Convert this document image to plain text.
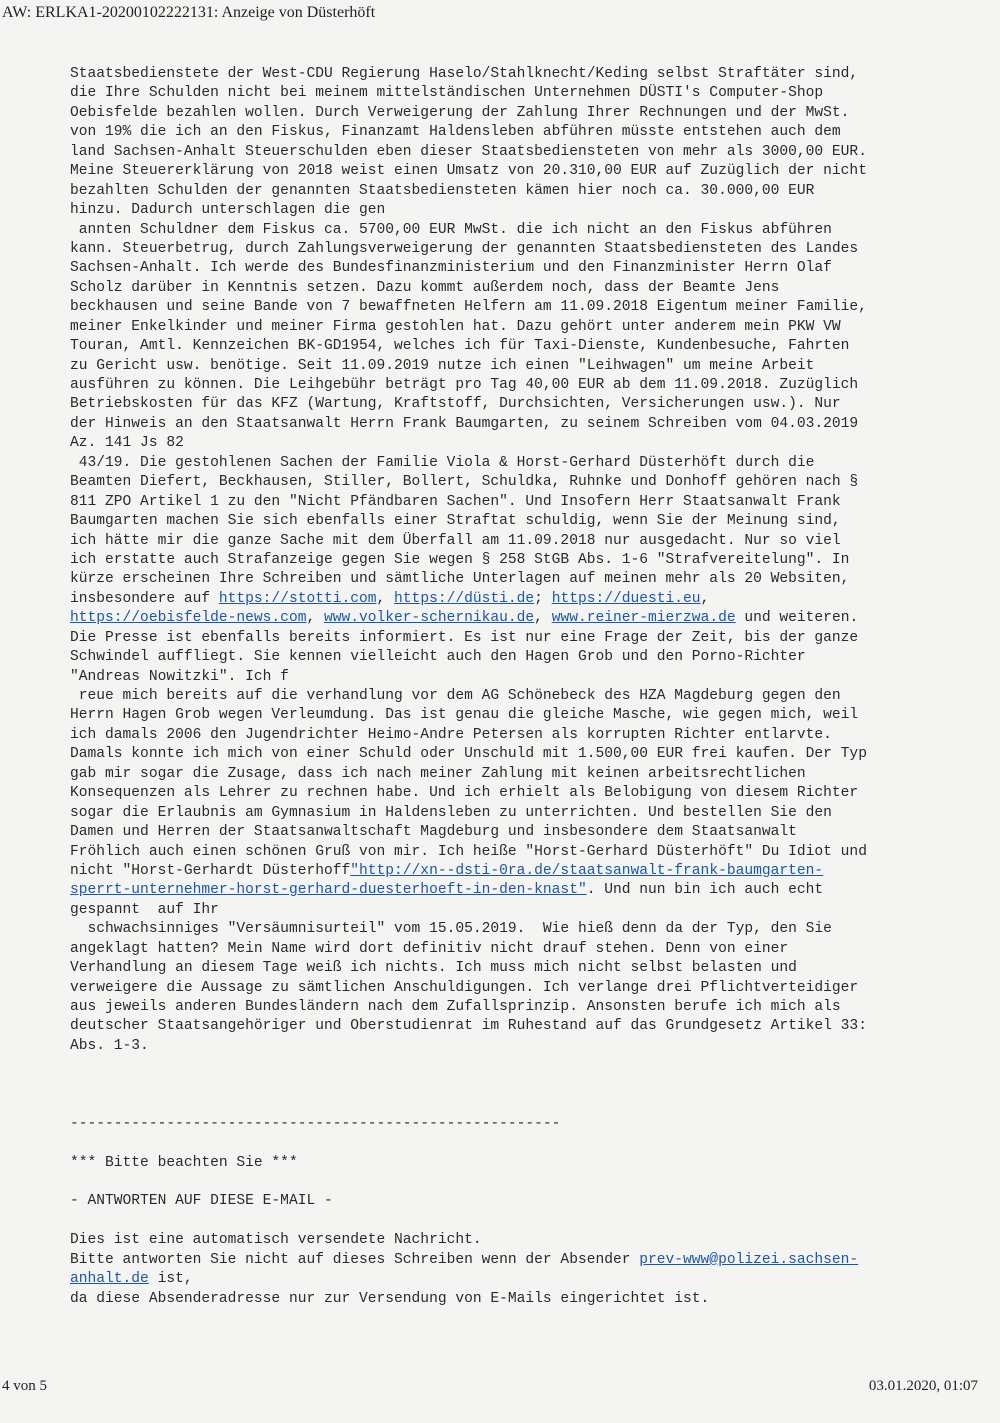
AW: ERLKA1-20200102222131: Anzeige von Düsterhöft
Staatsbedienstete der West-CDU Regierung Haselo/Stahlknecht/Keding selbst Straftäter sind,
die Ihre Schulden nicht bei meinem mittelständischen Unternehmen DÜSTI's Computer-Shop
Oebisfelde bezahlen wollen. Durch Verweigerung der Zahlung Ihrer Rechnungen und der MwSt.
von 19% die ich an den Fiskus, Finanzamt Haldensleben abführen müsste entstehen auch dem
land Sachsen-Anhalt Steuerschulden eben dieser Staatsbediensteten von mehr als 3000,00 EUR.
Meine Steuererklärung von 2018 weist einen Umsatz von 20.310,00 EUR auf Zuzüglich der nicht
bezahlten Schulden der genannten Staatsbediensteten kämen hier noch ca. 30.000,00 EUR
hinzu. Dadurch unterschlagen die gen
annten Schuldner dem Fiskus ca. 5700,00 EUR MwSt. die ich nicht an den Fiskus abführen
kann. Steuerbetrug, durch Zahlungsverweigerung der genannten Staatsbediensteten des Landes
Sachsen-Anhalt. Ich werde des Bundesfinanzministerium und den Finanzminister Herrn Olaf
Scholz darüber in Kenntnis setzen. Dazu kommt außerdem noch, dass der Beamte Jens
beckhausen und seine Bande von 7 bewaffneten Helfern am 11.09.2018 Eigentum meiner Familie,
meiner Enkelkinder und meiner Firma gestohlen hat. Dazu gehört unter anderem mein PKW VW
Touran, Amtl. Kennzeichen BK-GD1954, welches ich für Taxi-Dienste, Kundenbesuche, Fahrten
zu Gericht usw. benötige. Seit 11.09.2019 nutze ich einen "Leihwagen" um meine Arbeit
ausführen zu können. Die Leihgebühr beträgt pro Tag 40,00 EUR ab dem 11.09.2018. Zuzüglich
Betriebskosten für das KFZ (Wartung, Kraftstoff, Durchsichten, Versicherungen usw.). Nur
der Hinweis an den Staatsanwalt Herrn Frank Baumgarten, zu seinem Schreiben vom 04.03.2019
Az. 141 Js 82
43/19. Die gestohlenen Sachen der Familie Viola & Horst-Gerhard Düsterhöft durch die
Beamten Diefert, Beckhausen, Stiller, Bollert, Schuldka, Ruhnke und Donhoff gehören nach §
811 ZPO Artikel 1 zu den "Nicht Pfändbaren Sachen". Und Insofern Herr Staatsanwalt Frank
Baumgarten machen Sie sich ebenfalls einer Straftat schuldig, wenn Sie der Meinung sind,
ich hätte mir die ganze Sache mit dem Überfall am 11.09.2018 nur ausgedacht. Nur so viel
ich erstatte auch Strafanzeige gegen Sie wegen § 258 StGB Abs. 1-6 "Strafvereitelung". In
kürze erscheinen Ihre Schreiben und sämtliche Unterlagen auf meinen mehr als 20 Websiten,
insbesondere auf https://stotti.com, https://düsti.de; https://duesti.eu,
https://oebisfelde-news.com, www.volker-schernikau.de, www.reiner-mierzwa.de und weiteren.
Die Presse ist ebenfalls bereits informiert. Es ist nur eine Frage der Zeit, bis der ganze
Schwindel auffliegt. Sie kennen vielleicht auch den Hagen Grob und den Porno-Richter
"Andreas Nowitzki". Ich f
reue mich bereits auf die verhandlung vor dem AG Schönebeck des HZA Magdeburg gegen den
Herrn Hagen Grob wegen Verleumdung. Das ist genau die gleiche Masche, wie gegen mich, weil
ich damals 2006 den Jugendrichter Heimo-Andre Petersen als korrupten Richter entlarvte.
Damals konnte ich mich von einer Schuld oder Unschuld mit 1.500,00 EUR frei kaufen. Der Typ
gab mir sogar die Zusage, dass ich nach meiner Zahlung mit keinen arbeitsrechtlichen
Konsequenzen als Lehrer zu rechnen habe. Und ich erhielt als Belobigung von diesem Richter
sogar die Erlaubnis am Gymnasium in Haldensleben zu unterrichten. Und bestellen Sie den
Damen und Herren der Staatsanwaltschaft Magdeburg und insbesondere dem Staatsanwalt
Fröhlich auch einen schönen Gruß von mir. Ich heiße "Horst-Gerhard Düsterhöft" Du Idiot und
nicht "Horst-Gerhardt Düsterhoff"http://xn--dsti-0ra.de/staatsanwalt-frank-baumgarten-
sperrt-unternehmer-horst-gerhard-duesterhoeft-in-den-knast". Und nun bin ich auch echt
gespannt  auf Ihr
schwachsinniges "Versäumnisurteil" vom 15.05.2019.  Wie hieß denn da der Typ, den Sie
angeklagt hatten? Mein Name wird dort definitiv nicht drauf stehen. Denn von einer
Verhandlung an diesem Tage weiß ich nichts. Ich muss mich nicht selbst belasten und
verweigere die Aussage zu sämtlichen Anschuldigungen. Ich verlange drei Pflichtverteidiger
aus jeweils anderen Bundesländern nach dem Zufallsprinzip. Ansonsten berufe ich mich als
deutscher Staatsangehöriger und Oberstudienrat im Ruhestand auf das Grundgesetz Artikel 33:
Abs. 1-3.
--------------------------------------------------------
*** Bitte beachten Sie ***
- ANTWORTEN AUF DIESE E-MAIL -
Dies ist eine automatisch versendete Nachricht.
Bitte antworten Sie nicht auf dieses Schreiben wenn der Absender prev-www@polizei.sachsen-
anhalt.de ist,
da diese Absenderadresse nur zur Versendung von E-Mails eingerichtet ist.
4 von 5	03.01.2020, 01:07
